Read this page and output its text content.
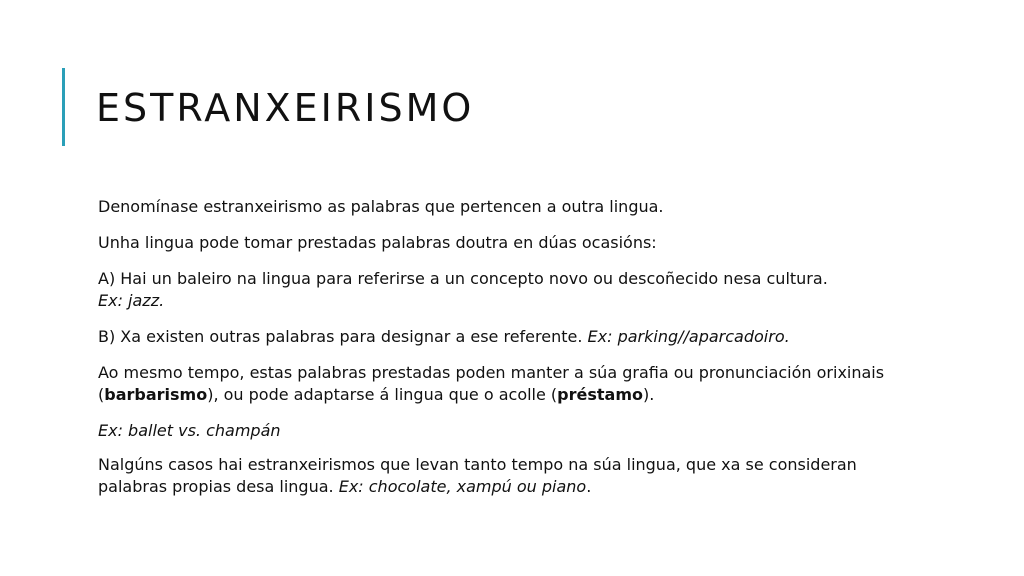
ESTRANXEIRISMO

Denomínase estranxeirismo as palabras que pertencen a outra lingua.

Unha lingua pode tomar prestadas palabras doutra en dúas ocasións:

A) Hai un baleiro na lingua para referirse a un concepto novo ou descoñecido nesa cultura.
Ex: jazz.

B) Xa existen outras palabras para designar a ese referente. Ex: parking//aparcadoiro.

Ao mesmo tempo, estas palabras prestadas poden manter a súa grafia ou pronunciación orixinais (barbarismo), ou pode adaptarse á lingua que o acolle (préstamo).

Ex: ballet vs. champán

Nalgúns casos hai estranxeirismos que levan tanto tempo na súa lingua, que xa se consideran palabras propias desa lingua. Ex: chocolate, xampú ou piano.
